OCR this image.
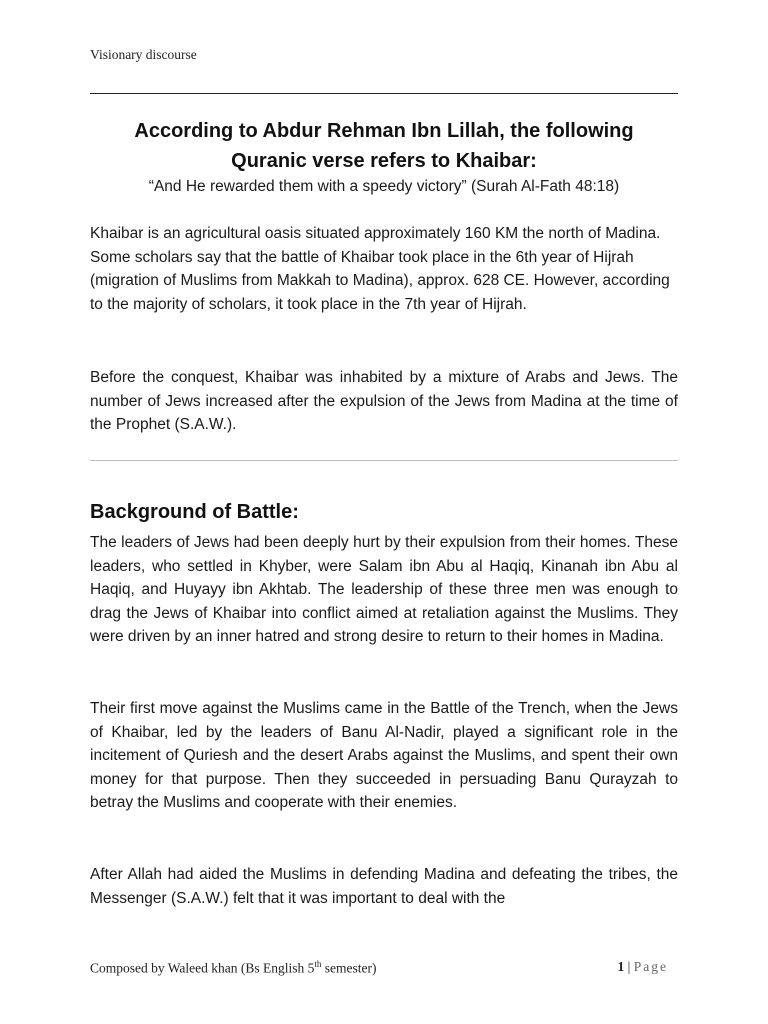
Visionary discourse
According to Abdur Rehman Ibn Lillah, the following
Quranic verse refers to Khaibar:
“And He rewarded them with a speedy victory” (Surah Al-Fath 48:18)

Khaibar is an agricultural oasis situated approximately 160 KM the north of Madina. Some scholars say that the battle of Khaibar took place in the 6th year of Hijrah (migration of Muslims from Makkah to Madina), approx. 628 CE. However, according to the majority of scholars, it took place in the 7th year of Hijrah.

Before the conquest, Khaibar was inhabited by a mixture of Arabs and Jews. The number of Jews increased after the expulsion of the Jews from Madina at the time of the Prophet (S.A.W.).

Background of Battle:

The leaders of Jews had been deeply hurt by their expulsion from their homes. These leaders, who settled in Khyber, were Salam ibn Abu al Haqiq, Kinanah ibn Abu al Haqiq, and Huyayy ibn Akhtab. The leadership of these three men was enough to drag the Jews of Khaibar into conflict aimed at retaliation against the Muslims. They were driven by an inner hatred and strong desire to return to their homes in Madina.

Their first move against the Muslims came in the Battle of the Trench, when the Jews of Khaibar, led by the leaders of Banu Al-Nadir, played a significant role in the incitement of Quriesh and the desert Arabs against the Muslims, and spent their own money for that purpose. Then they succeeded in persuading Banu Qurayzah to betray the Muslims and cooperate with their enemies.

After Allah had aided the Muslims in defending Madina and defeating the tribes, the Messenger (S.A.W.) felt that it was important to deal with the

Composed by Waleed khan (Bs English 5th semester)	1 | Page
